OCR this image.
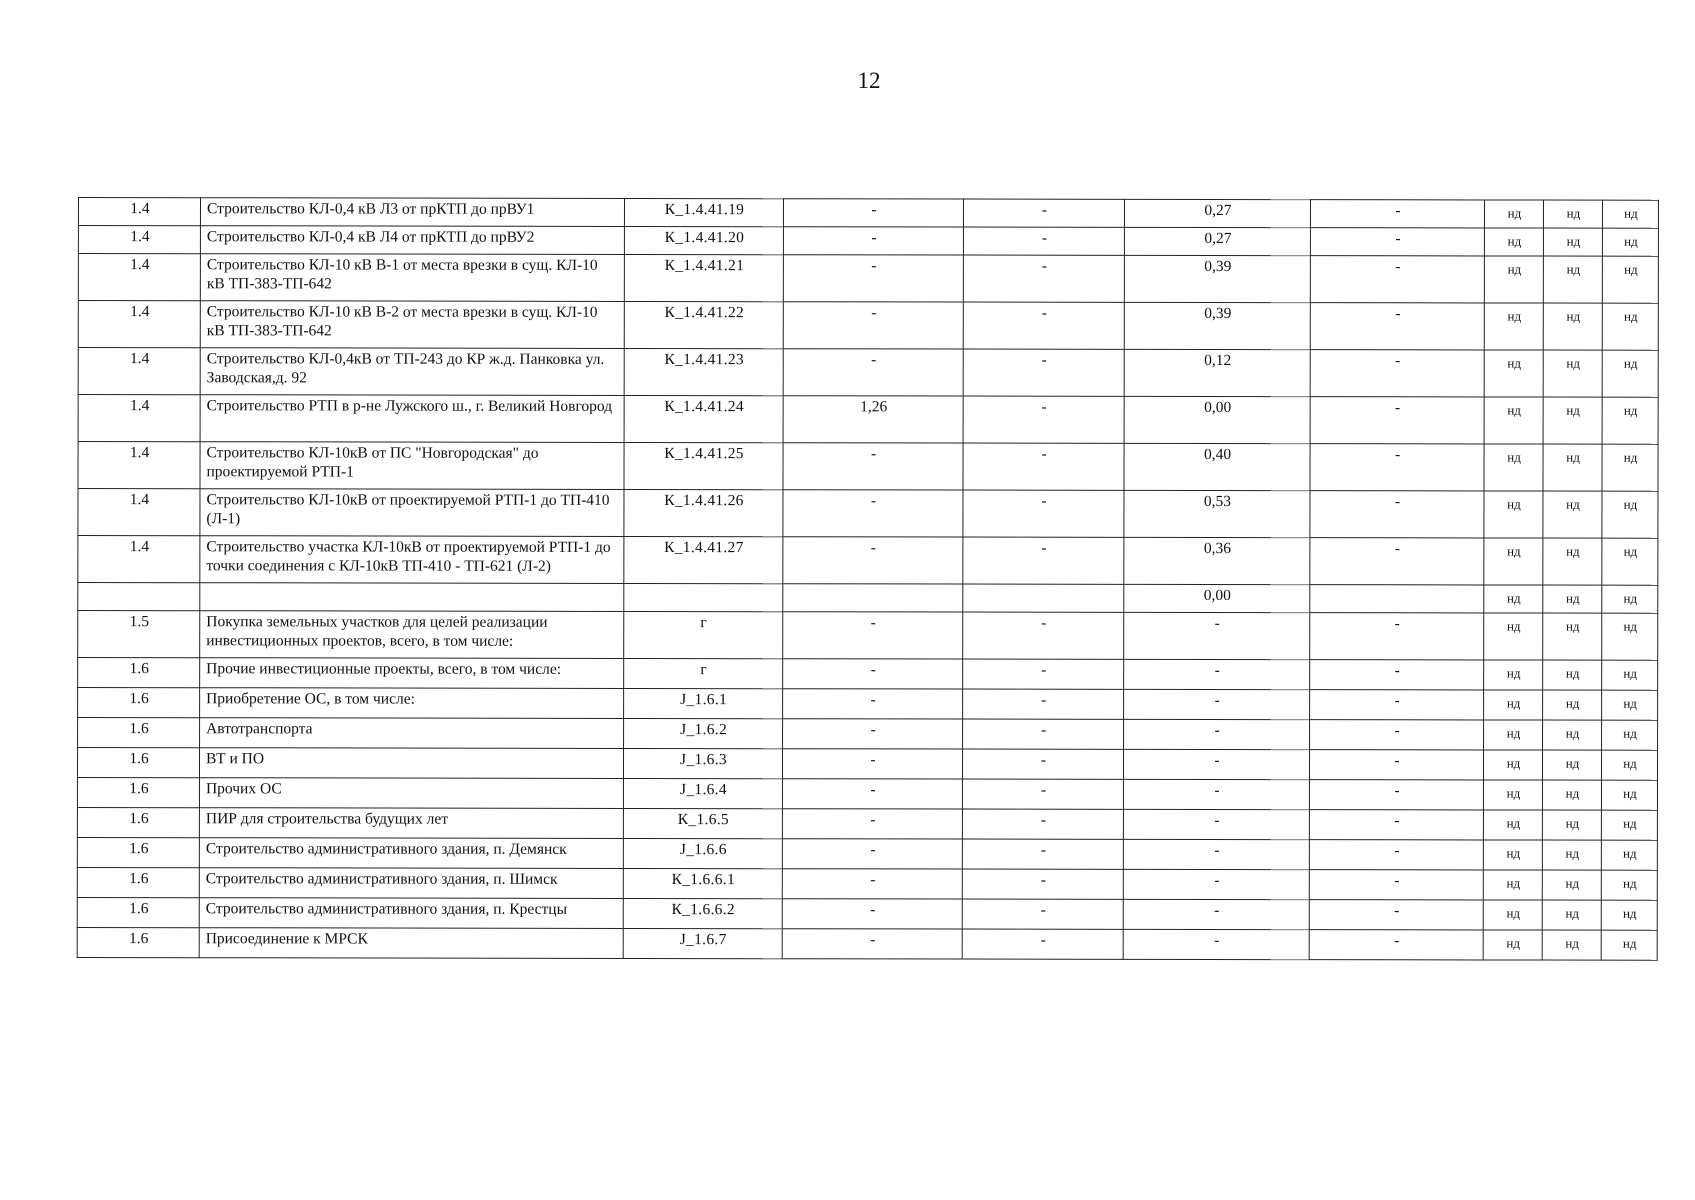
12
1.4	Строительство КЛ-0,4 кВ Л3 от прКТП до прВУ1	К_1.4.41.19	-	-	0,27	-	нд	нд	нд
1.4	Строительство КЛ-0,4 кВ Л4 от прКТП до прВУ2	К_1.4.41.20	-	-	0,27	-	нд	нд	нд
1.4	Строительство КЛ-10 кВ В-1 от места врезки в сущ. КЛ-10 кВ ТП-383-ТП-642	К_1.4.41.21	-	-	0,39	-	нд	нд	нд
1.4	Строительство КЛ-10 кВ В-2 от места врезки в сущ. КЛ-10 кВ ТП-383-ТП-642	К_1.4.41.22	-	-	0,39	-	нд	нд	нд
1.4	Строительство КЛ-0,4кВ от ТП-243 до КР ж.д. Панковка ул. Заводская,д. 92	К_1.4.41.23	-	-	0,12	-	нд	нд	нд
1.4	Строительство РТП в р-не Лужского ш., г. Великий Новгород	К_1.4.41.24	1,26	-	0,00	-	нд	нд	нд
1.4	Строительство КЛ-10кВ от ПС "Новгородская" до проектируемой РТП-1	К_1.4.41.25	-	-	0,40	-	нд	нд	нд
1.4	Строительство КЛ-10кВ от проектируемой РТП-1 до ТП-410 (Л-1)	К_1.4.41.26	-	-	0,53	-	нд	нд	нд
1.4	Строительство участка КЛ-10кВ от проектируемой РТП-1 до точки соединения с КЛ-10кВ ТП-410 - ТП-621 (Л-2)	К_1.4.41.27	-	-	0,36	-	нд	нд	нд
					0,00		нд	нд	нд
1.5	Покупка земельных участков для целей реализации инвестиционных проектов, всего, в том числе:	г	-	-	-	-	нд	нд	нд
1.6	Прочие инвестиционные проекты, всего, в том числе:	г	-	-	-	-	нд	нд	нд
1.6	Приобретение ОС, в том числе:	J_1.6.1	-	-	-	-	нд	нд	нд
1.6	Автотранспорта	J_1.6.2	-	-	-	-	нд	нд	нд
1.6	ВТ и ПО	J_1.6.3	-	-	-	-	нд	нд	нд
1.6	Прочих ОС	J_1.6.4	-	-	-	-	нд	нд	нд
1.6	ПИР для строительства будущих лет	К_1.6.5	-	-	-	-	нд	нд	нд
1.6	Строительство административного здания, п. Демянск	J_1.6.6	-	-	-	-	нд	нд	нд
1.6	Строительство административного здания, п. Шимск	К_1.6.6.1	-	-	-	-	нд	нд	нд
1.6	Строительство административного здания, п. Крестцы	К_1.6.6.2	-	-	-	-	нд	нд	нд
1.6	Присоединение к МРСК	J_1.6.7	-	-	-	-	нд	нд	нд
